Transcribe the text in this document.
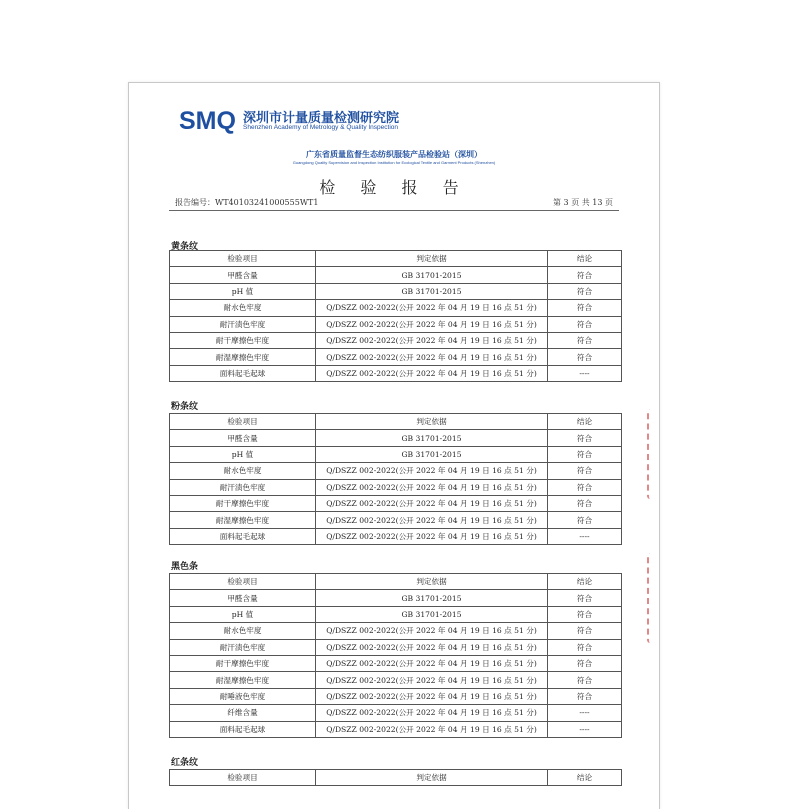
SMQ 深圳市计量质量检测研究院
Shenzhen Academy of Metrology & Quality Inspection
广东省质量监督生态纺织服装产品检验站（深圳）
Guangdong Quality Supervision and Inspection Institution for Ecological Textile and Garment Products (Shenzhen)
检 验 报 告
报告编号：WT40103241000555WT1	第 3 页 共 13 页
黄条纹
检验项目	判定依据	结论
甲醛含量	GB 31701-2015	符合
pH 值	GB 31701-2015	符合
耐水色牢度	Q/DSZZ 002-2022(公开 2022 年 04 月 19 日 16 点 51 分)	符合
耐汗渍色牢度	Q/DSZZ 002-2022(公开 2022 年 04 月 19 日 16 点 51 分)	符合
耐干摩擦色牢度	Q/DSZZ 002-2022(公开 2022 年 04 月 19 日 16 点 51 分)	符合
耐湿摩擦色牢度	Q/DSZZ 002-2022(公开 2022 年 04 月 19 日 16 点 51 分)	符合
面料起毛起球	Q/DSZZ 002-2022(公开 2022 年 04 月 19 日 16 点 51 分)	----
粉条纹
检验项目	判定依据	结论
甲醛含量	GB 31701-2015	符合
pH 值	GB 31701-2015	符合
耐水色牢度	Q/DSZZ 002-2022(公开 2022 年 04 月 19 日 16 点 51 分)	符合
耐汗渍色牢度	Q/DSZZ 002-2022(公开 2022 年 04 月 19 日 16 点 51 分)	符合
耐干摩擦色牢度	Q/DSZZ 002-2022(公开 2022 年 04 月 19 日 16 点 51 分)	符合
耐湿摩擦色牢度	Q/DSZZ 002-2022(公开 2022 年 04 月 19 日 16 点 51 分)	符合
面料起毛起球	Q/DSZZ 002-2022(公开 2022 年 04 月 19 日 16 点 51 分)	----
黑色条
检验项目	判定依据	结论
甲醛含量	GB 31701-2015	符合
pH 值	GB 31701-2015	符合
耐水色牢度	Q/DSZZ 002-2022(公开 2022 年 04 月 19 日 16 点 51 分)	符合
耐汗渍色牢度	Q/DSZZ 002-2022(公开 2022 年 04 月 19 日 16 点 51 分)	符合
耐干摩擦色牢度	Q/DSZZ 002-2022(公开 2022 年 04 月 19 日 16 点 51 分)	符合
耐湿摩擦色牢度	Q/DSZZ 002-2022(公开 2022 年 04 月 19 日 16 点 51 分)	符合
耐唾液色牢度	Q/DSZZ 002-2022(公开 2022 年 04 月 19 日 16 点 51 分)	符合
纤维含量	Q/DSZZ 002-2022(公开 2022 年 04 月 19 日 16 点 51 分)	----
面料起毛起球	Q/DSZZ 002-2022(公开 2022 年 04 月 19 日 16 点 51 分)	----
红条纹
检验项目	判定依据	结论
